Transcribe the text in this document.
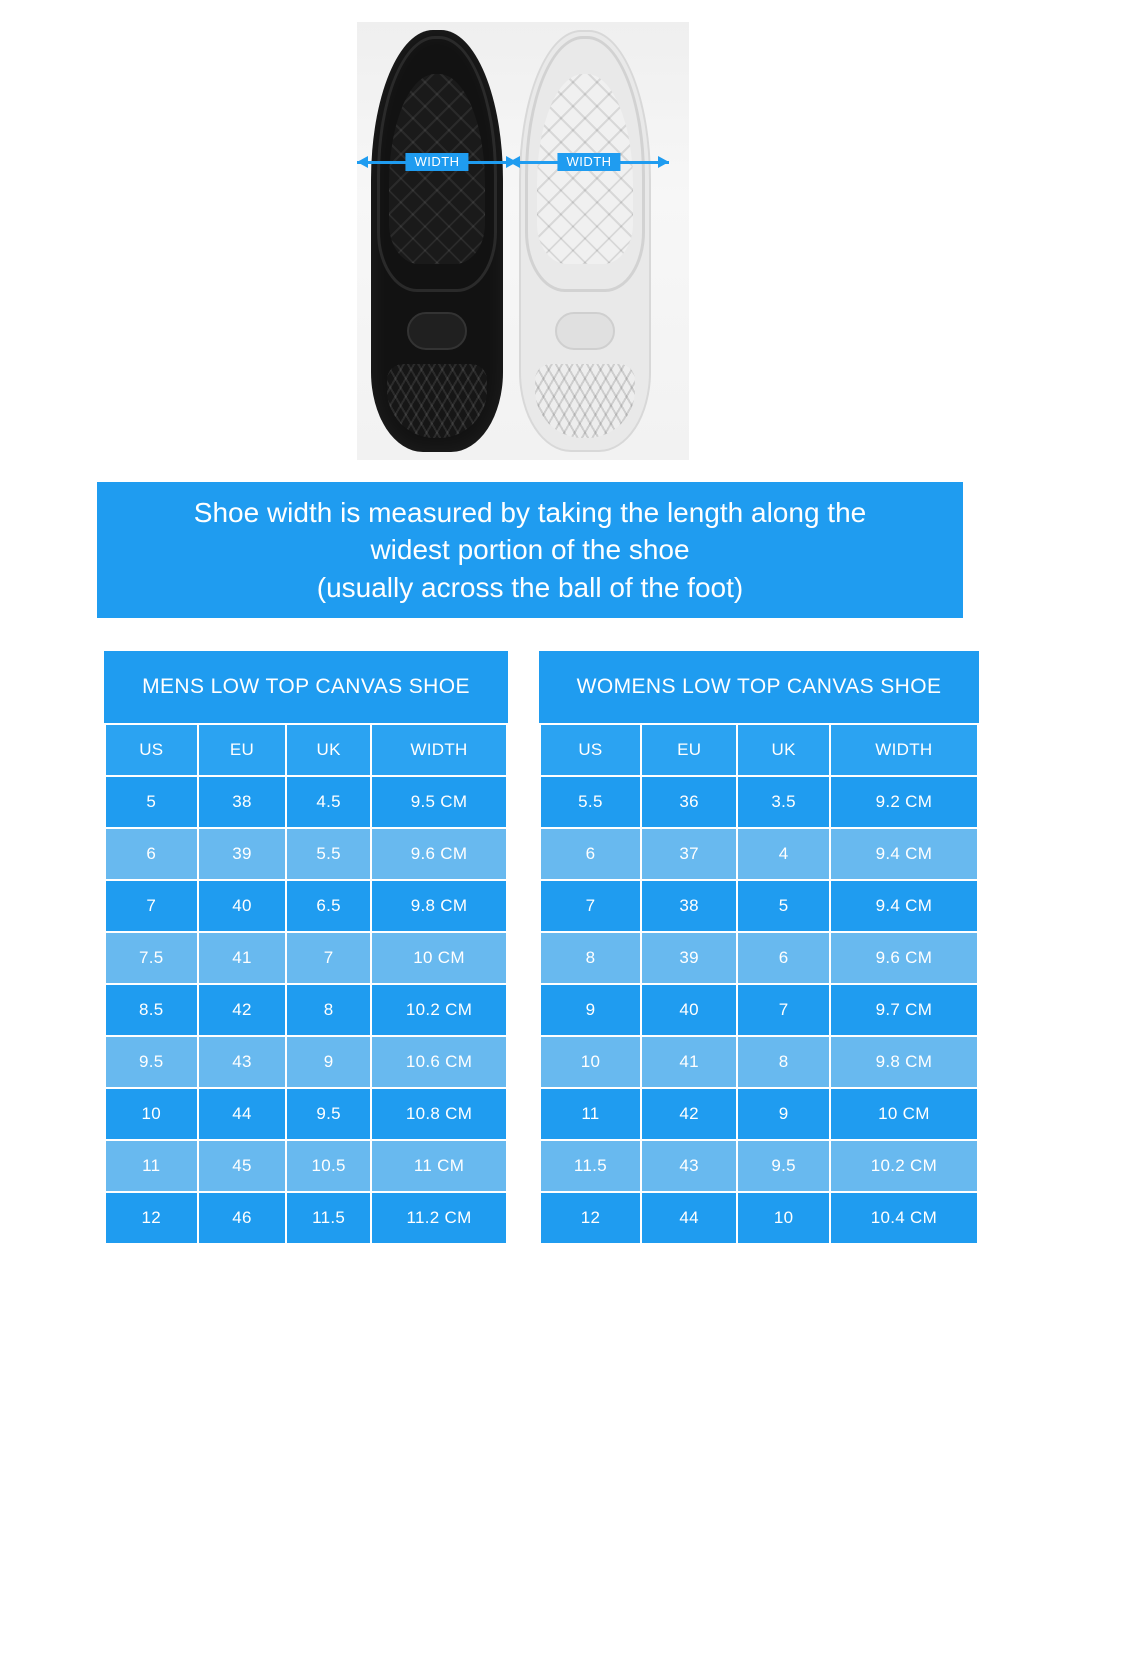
WIDTH	WIDTH

Shoe width is measured by taking the length along the
widest portion of the shoe
(usually across the ball of the foot)

MENS LOW TOP CANVAS SHOE
US	EU	UK	WIDTH
5	38	4.5	9.5 CM
6	39	5.5	9.6 CM
7	40	6.5	9.8 CM
7.5	41	7	10 CM
8.5	42	8	10.2 CM
9.5	43	9	10.6 CM
10	44	9.5	10.8 CM
11	45	10.5	11 CM
12	46	11.5	11.2 CM
WOMENS LOW TOP CANVAS SHOE
US	EU	UK	WIDTH
5.5	36	3.5	9.2 CM
6	37	4	9.4 CM
7	38	5	9.4 CM
8	39	6	9.6 CM
9	40	7	9.7 CM
10	41	8	9.8 CM
11	42	9	10 CM
11.5	43	9.5	10.2 CM
12	44	10	10.4 CM
